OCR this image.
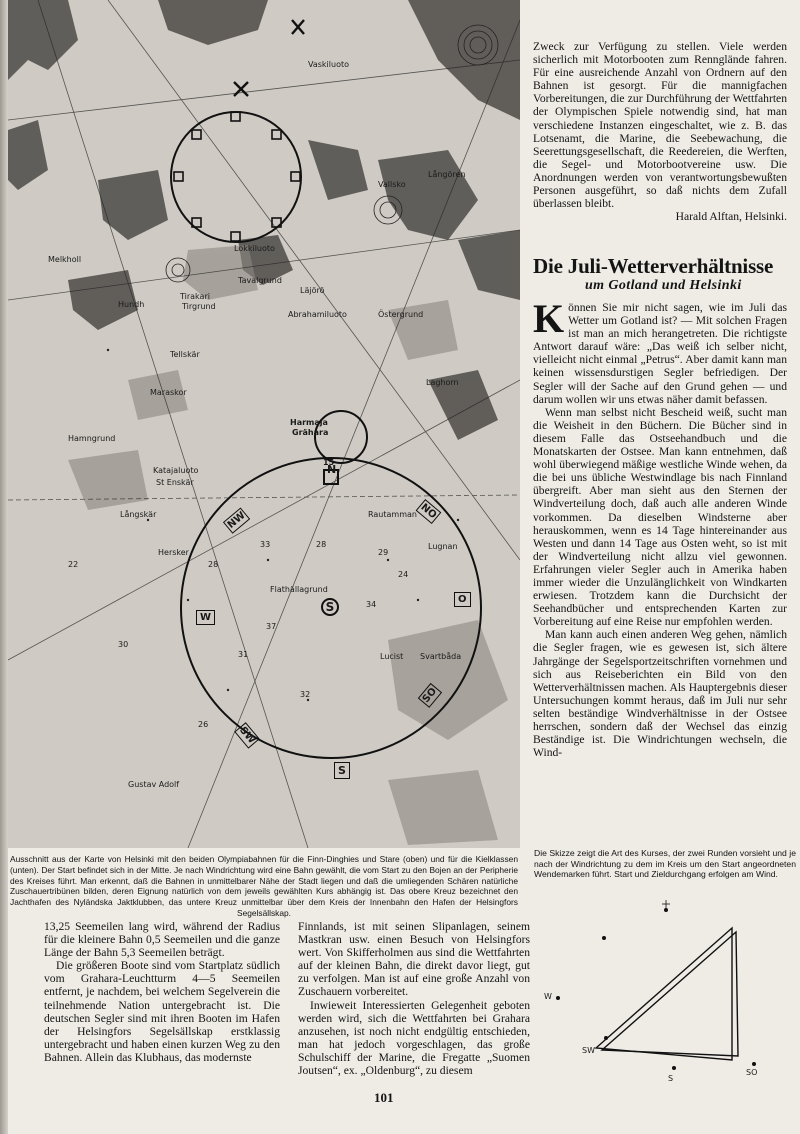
N
NW	NO
W
O
SW
SO
S
S
Harmaja
Grähara
Läjörö
Tirakari
Tirgrund
Abrahamiluoto
Hundh
Melkholl
Maraskor
Hamngrund
Katajaluoto
St Enskär
Långskär
Hersker
Flathällagrund
Lugnan
Lucist Svartbåda
Gustav Adolf
Tellskär
Långören
Östergrund
Vallsko
Laghorn
Lokkiluoto
Tavalgrund
Vaskiluoto
Rautamman
28
33
29
31
37
32
34
28
24
15
22
30
26
Ausschnitt aus der Karte von Helsinki mit den beiden Olympiabahnen für die Finn-Dinghies und Stare (oben) und für die Kielklassen (unten). Der Start befindet sich in der Mitte. Je nach Windrichtung wird eine Bahn gewählt, die vom Start zu den Bojen an der Peripherie des Kreises führt. Man erkennt, daß die Bahnen in unmittelbarer Nähe der Stadt liegen und daß die umliegenden Schären natürliche Zuschauertribünen bilden, deren Eignung natürlich von dem jeweils gewählten Kurs abhängig ist. Das obere Kreuz bezeichnet den Jachthafen des Nyländska Jaktklubben, das untere Kreuz unmittelbar über dem Kreis der Innenbahn den Hafen der Helsingfors Segelsällskap.

Zweck zur Verfügung zu stellen. Viele werden sicherlich mit Motorbooten zum Rennglände fahren. Für eine ausreichende Anzahl von Ordnern auf den Bahnen ist gesorgt. Für die mannigfachen Vorbereitungen, die zur Durchführung der Wettfahrten der Olympischen Spiele notwendig sind, hat man verschiedene Instanzen eingeschaltet, wie z. B. das Lotsenamt, die Marine, die Seebewachung, die Seerettungsgesellschaft, die Reedereien, die Werften, die Segel- und Motorbootvereine usw. Die Anordnungen werden von verantwortungsbewußten Personen ausgeführt, so daß nichts dem Zufall überlassen bleibt.

Harald Alftan, Helsinki.
Die Juli-Wetterverhältnisse
um Gotland und Helsinki

Können Sie mir nicht sagen, wie im Juli das Wetter um Gotland ist? — Mit solchen Fragen ist man an mich herangetreten. Die richtigste Antwort darauf wäre: „Das weiß ich selber nicht, vielleicht nicht einmal „Petrus“. Aber damit kann man keinen wissensdurstigen Segler befriedigen. Der Segler will der Sache auf den Grund gehen — und darum wollen wir uns etwas näher damit befassen.

Wenn man selbst nicht Bescheid weiß, sucht man die Weisheit in den Büchern. Die Bücher sind in diesem Falle das Ostseehandbuch und die Monatskarten der Ostsee. Man kann entnehmen, daß wohl überwiegend mäßige westliche Winde wehen, da die bei uns übliche Westwindlage bis nach Finnland übergreift. Aber man sieht aus den Sternen der Windverteilung doch, daß auch alle anderen Winde vorkommen. Da dieselben Windsterne aber herauskommen, wenn es 14 Tage hintereinander aus Westen und dann 14 Tage aus Osten weht, so ist mit der Windverteilung nicht allzu viel gewonnen. Erfahrungen vieler Segler auch in Amerika haben immer wieder die Unzulänglichkeit von Windkarten erwiesen. Trotzdem kann die Durchsicht der Seehandbücher und entsprechenden Karten zur Vorbereitung auf eine Reise nur empfohlen werden.

Man kann auch einen anderen Weg gehen, nämlich die Segler fragen, wie es gewesen ist, sich ältere Jahrgänge der Segelsportzeitschriften vornehmen und sich aus Reiseberichten ein Bild von den Wetterverhältnissen machen. Als Hauptergebnis dieser Untersuchungen kommt heraus, daß im Juli nur sehr selten beständige Windverhältnisse in der Ostsee herrschen, sondern daß der Wechsel das einzig Beständige ist. Die Windrichtungen wechseln, die Wind-

Die Skizze zeigt die Art des Kurses, der zwei Runden vorsieht und je nach der Windrichtung zu dem im Kreis um den Start angeordneten Wendemarken führt. Start und Zieldurchgang erfolgen am Wind.
W
SW
S
SO

13,25 Seemeilen lang wird, während der Radius für die kleinere Bahn 0,5 Seemeilen und die ganze Länge der Bahn 5,3 Seemeilen beträgt.

Die größeren Boote sind vom Startplatz südlich vom Grahara-Leuchtturm 4—5 Seemeilen entfernt, je nachdem, bei welchem Segelverein die teilnehmende Nation untergebracht ist. Die deutschen Segler sind mit ihren Booten im Hafen der Helsingfors Segelsällskap erstklassig untergebracht und haben einen kurzen Weg zu den Bahnen. Allein das Klubhaus, das modernste

Finnlands, ist mit seinen Slipanlagen, seinem Mastkran usw. einen Besuch von Helsingfors wert. Von Skifferholmen aus sind die Wettfahrten auf der kleinen Bahn, die direkt davor liegt, gut zu verfolgen. Man ist auf eine große Anzahl von Zuschauern vorbereitet.

Inwieweit Interessierten Gelegenheit geboten werden wird, sich die Wettfahrten bei Grahara anzusehen, ist noch nicht endgültig entschieden, man hat jedoch vorgeschlagen, das große Schulschiff der Marine, die Fregatte „Suomen Joutsen“, ex. „Oldenburg“, zu diesem

101
